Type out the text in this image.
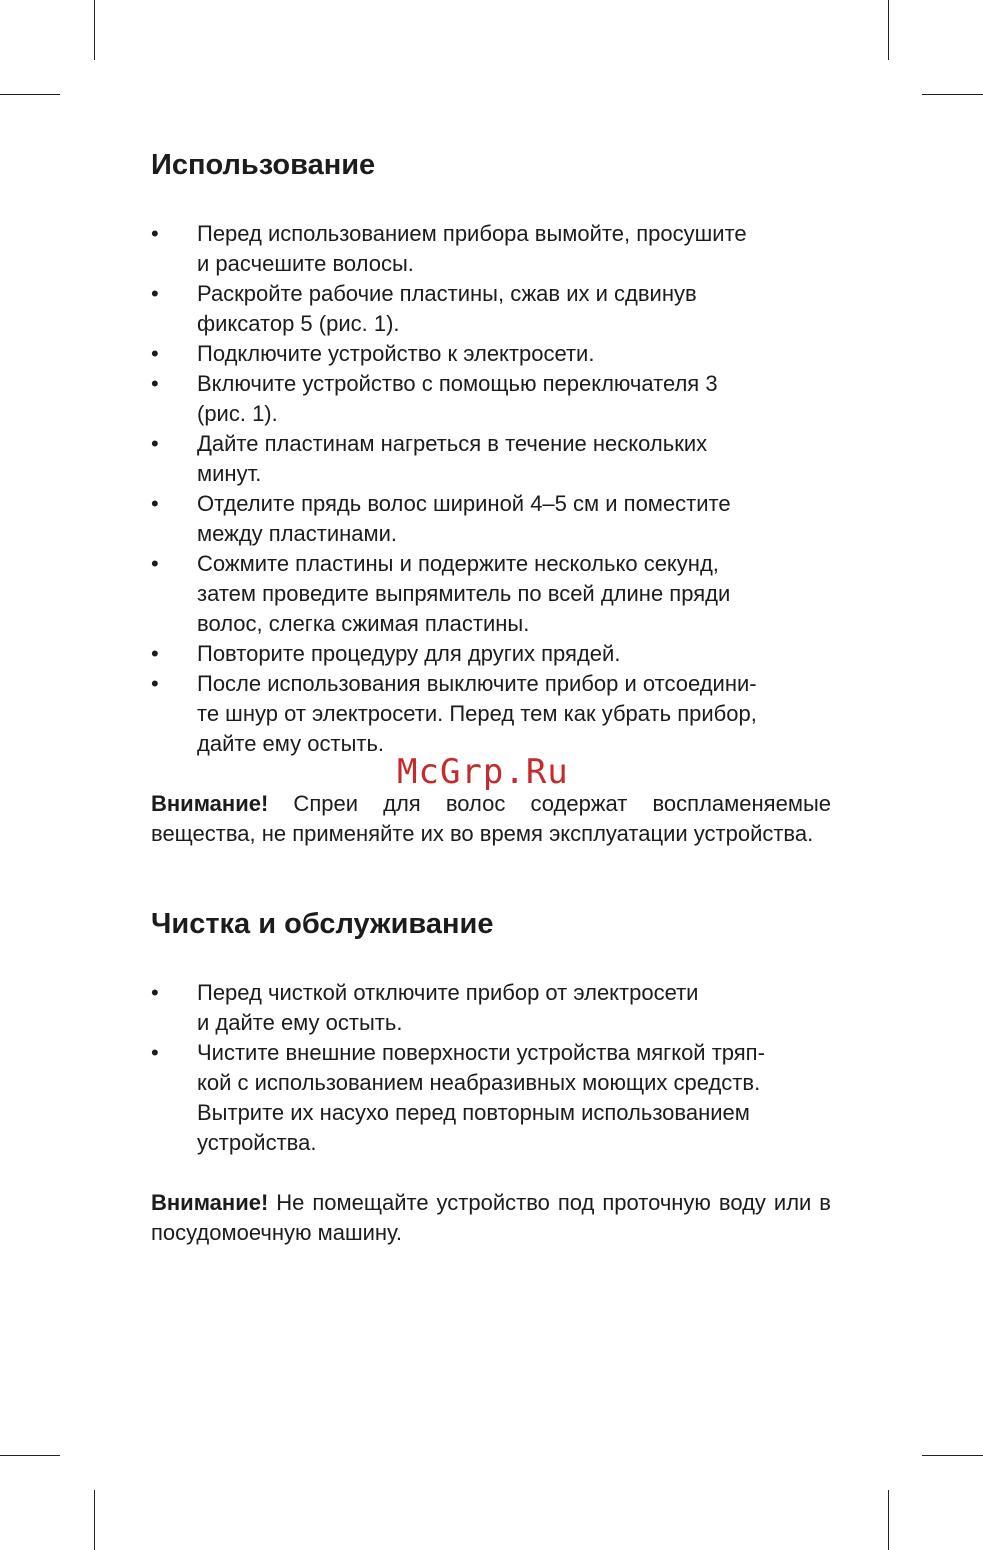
Использование
• Перед использованием прибора вымойте, просушите
и расчешите волосы.
• Раскройте рабочие пластины, сжав их и сдвинув
фиксатор 5 (рис. 1).
• Подключите устройство к электросети.
• Включите устройство с помощью переключателя 3
(рис. 1).
• Дайте пластинам нагреться в течение нескольких
минут.
• Отделите прядь волос шириной 4–5 см и поместите
между пластинами.
• Сожмите пластины и подержите несколько секунд,
затем проведите выпрямитель по всей длине пряди
волос, слегка сжимая пластины.
• Повторите процедуру для других прядей.
• После использования выключите прибор и отсоедини-
те шнур от электросети. Перед тем как убрать прибор,
дайте ему остыть.

Внимание! Спреи для волос содержат воспламеняемые вещества, не применяйте их во время эксплуатации устройства.

Чистка и обслуживание
• Перед чисткой отключите прибор от электросети
и дайте ему остыть.
• Чистите внешние поверхности устройства мягкой тряп-
кой с использованием неабразивных моющих средств.
Вытрите их насухо перед повторным использованием
устройства.

Внимание! Не помещайте устройство под проточную воду или в посудомоечную машину.

McGrp.Ru
